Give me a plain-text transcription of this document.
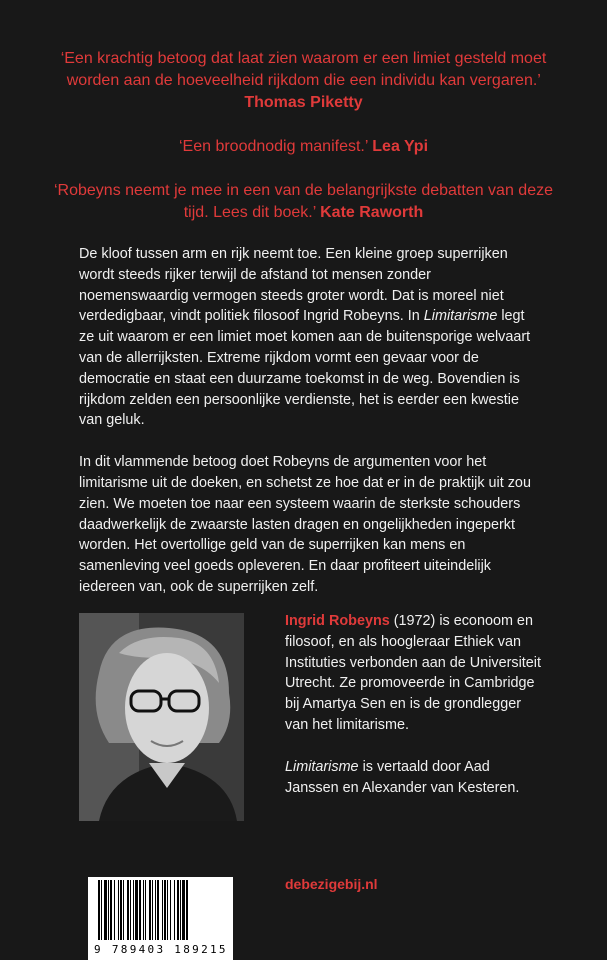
‘Een krachtig betoog dat laat zien waarom er een limiet gesteld moet worden aan de hoeveelheid rijkdom die een individu kan vergaren.’ Thomas Piketty

‘Een broodnodig manifest.’ Lea Ypi

‘Robeyns neemt je mee in een van de belangrijkste debatten van deze tijd. Lees dit boek.’ Kate Raworth

De kloof tussen arm en rijk neemt toe. Een kleine groep superrijken wordt steeds rijker terwijl de afstand tot mensen zonder noemenswaardig vermogen steeds groter wordt. Dat is moreel niet verdedigbaar, vindt politiek filosoof Ingrid Robeyns. In Limitarisme legt ze uit waarom er een limiet moet komen aan de buitensporige welvaart van de allerrijksten. Extreme rijkdom vormt een gevaar voor de democratie en staat een duurzame toekomst in de weg. Bovendien is rijkdom zelden een persoonlijke verdienste, het is eerder een kwestie van geluk.

In dit vlammende betoog doet Robeyns de argumenten voor het limitarisme uit de doeken, en schetst ze hoe dat er in de praktijk uit zou zien. We moeten toe naar een systeem waarin de sterkste schouders daadwerkelijk de zwaarste lasten dragen en ongelijkheden ingeperkt worden. Het overtollige geld van de superrijken kan mens en samenleving veel goeds opleveren. En daar profiteert uiteindelijk iedereen van, ook de superrijken zelf.

Ingrid Robeyns (1972) is econoom en filosoof, en als hoogleraar Ethiek van Instituties verbonden aan de Universiteit Utrecht. Ze promoveerde in Cambridge bij Amartya Sen en is de grondlegger van het limitarisme.

Limitarisme is vertaald door Aad Janssen en Alexander van Kesteren.

debezigebij.nl
9 789403 189215
